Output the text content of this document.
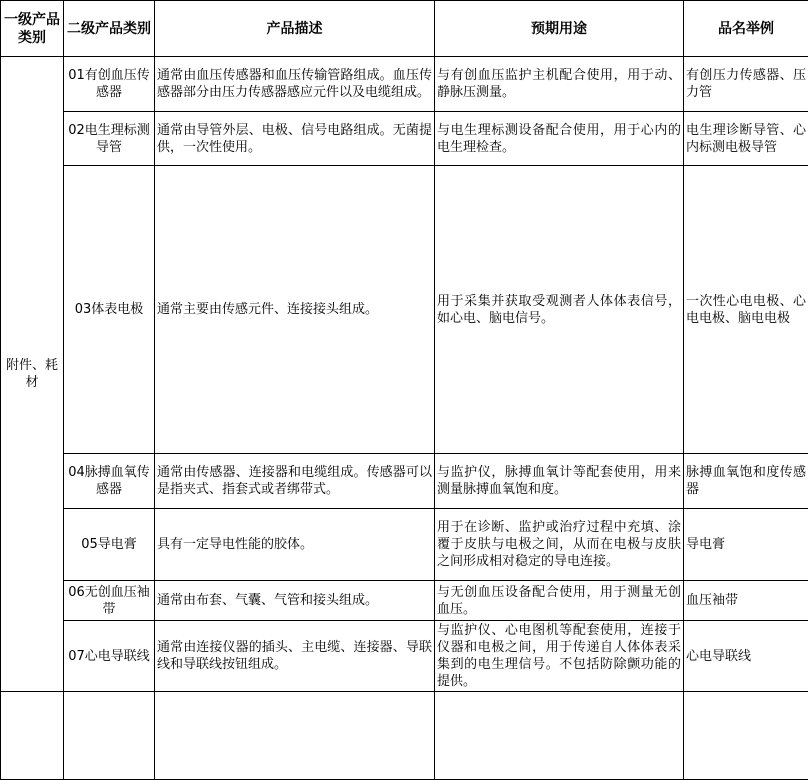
一级产品类别	二级产品类别	产品描述	预期用途	品名举例
附件、耗材	01有创血压传感器	通常由血压传感器和血压传输管路组成。血压传感器部分由压力传感器感应元件以及电缆组成。	与有创血压监护主机配合使用，用于动、静脉压测量。	有创压力传感器、压力管
	02电生理标测导管	通常由导管外层、电极、信号电路组成。无菌提供，一次性使用。	与电生理标测设备配合使用，用于心内的电生理检查。	电生理诊断导管、心内标测电极导管
	03体表电极	通常主要由传感元件、连接接头组成。	用于采集并获取受观测者人体体表信号，如心电、脑电信号。	一次性心电电极、心电电极、脑电电极
	04脉搏血氧传感器	通常由传感器、连接器和电缆组成。传感器可以是指夹式、指套式或者绑带式。	与监护仪，脉搏血氧计等配套使用，用来测量脉搏血氧饱和度。	脉搏血氧饱和度传感器
	05导电膏	具有一定导电性能的胶体。	用于在诊断、监护或治疗过程中充填、涂覆于皮肤与电极之间，从而在电极与皮肤之间形成相对稳定的导电连接。	导电膏
	06无创血压袖带	通常由布套、气囊、气管和接头组成。	与无创血压设备配合使用，用于测量无创血压。	血压袖带
	07心电导联线	通常由连接仪器的插头、主电缆、连接器、导联线和导联线按钮组成。	与监护仪、心电图机等配套使用，连接于仪器和电极之间，用于传递自人体体表采集到的电生理信号。不包括防除颤功能的提供。	心电导联线
